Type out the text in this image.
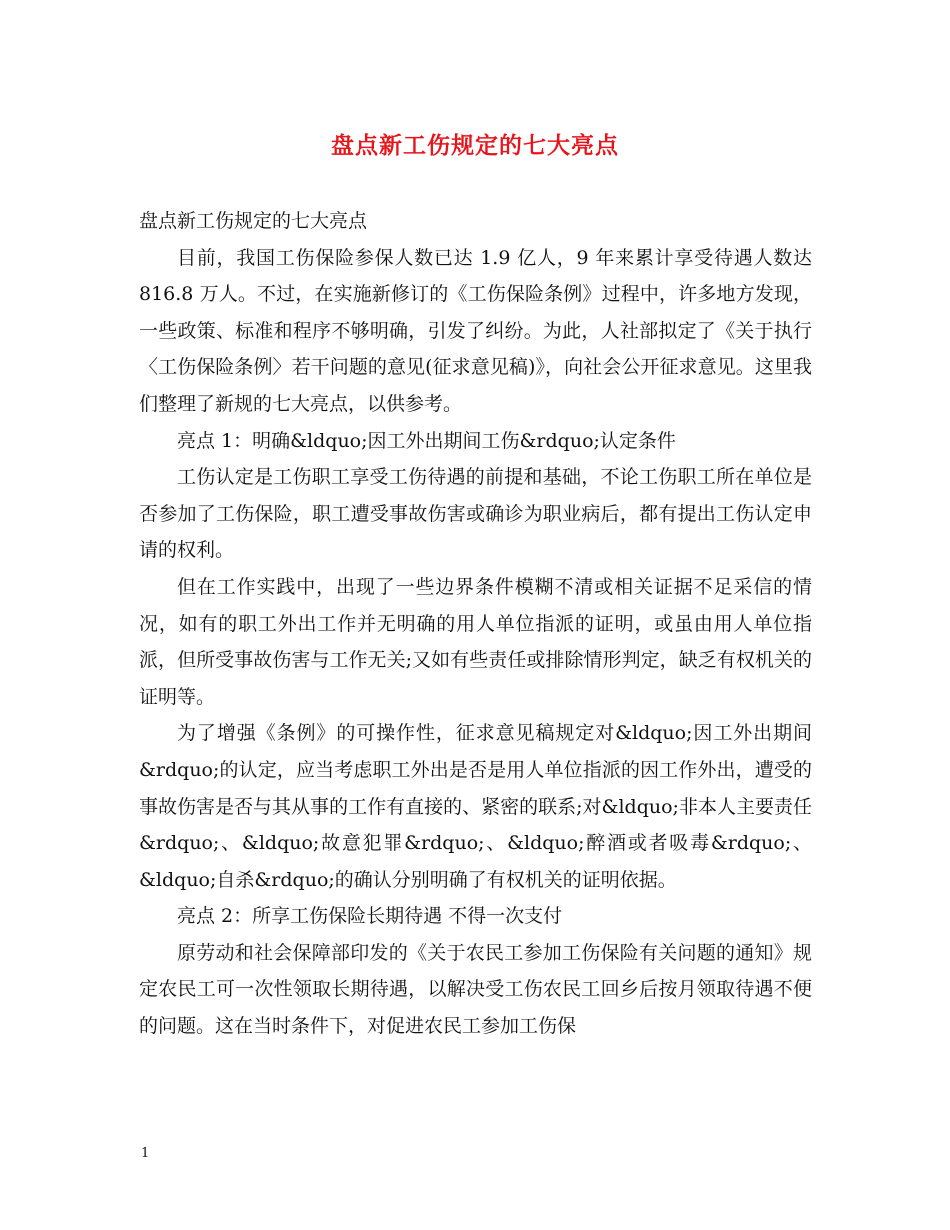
盘点新工伤规定的七大亮点

盘点新工伤规定的七大亮点

目前，我国工伤保险参保人数已达 1.9 亿人，9 年来累计享受待遇人数达 816.8 万人。不过，在实施新修订的《工伤保险条例》过程中，许多地方发现，一些政策、标准和程序不够明确，引发了纠纷。为此，人社部拟定了《关于执行〈工伤保险条例〉若干问题的意见(征求意见稿)》，向社会公开征求意见。这里我们整理了新规的七大亮点，以供参考。

亮点 1：明确&ldquo;因工外出期间工伤&rdquo;认定条件

工伤认定是工伤职工享受工伤待遇的前提和基础，不论工伤职工所在单位是否参加了工伤保险，职工遭受事故伤害或确诊为职业病后，都有提出工伤认定申请的权利。

但在工作实践中，出现了一些边界条件模糊不清或相关证据不足采信的情况，如有的职工外出工作并无明确的用人单位指派的证明，或虽由用人单位指派，但所受事故伤害与工作无关;又如有些责任或排除情形判定，缺乏有权机关的证明等。

为了增强《条例》的可操作性，征求意见稿规定对&ldquo;因工外出期间&rdquo;的认定，应当考虑职工外出是否是用人单位指派的因工作外出，遭受的事故伤害是否与其从事的工作有直接的、紧密的联系;对&ldquo;非本人主要责任&rdquo;、&ldquo;故意犯罪&rdquo;、&ldquo;醉酒或者吸毒&rdquo;、&ldquo;自杀&rdquo;的确认分别明确了有权机关的证明依据。

亮点 2：所享工伤保险长期待遇 不得一次支付

原劳动和社会保障部印发的《关于农民工参加工伤保险有关问题的通知》规定农民工可一次性领取长期待遇，以解决受工伤农民工回乡后按月领取待遇不便的问题。这在当时条件下，对促进农民工参加工伤保

1
